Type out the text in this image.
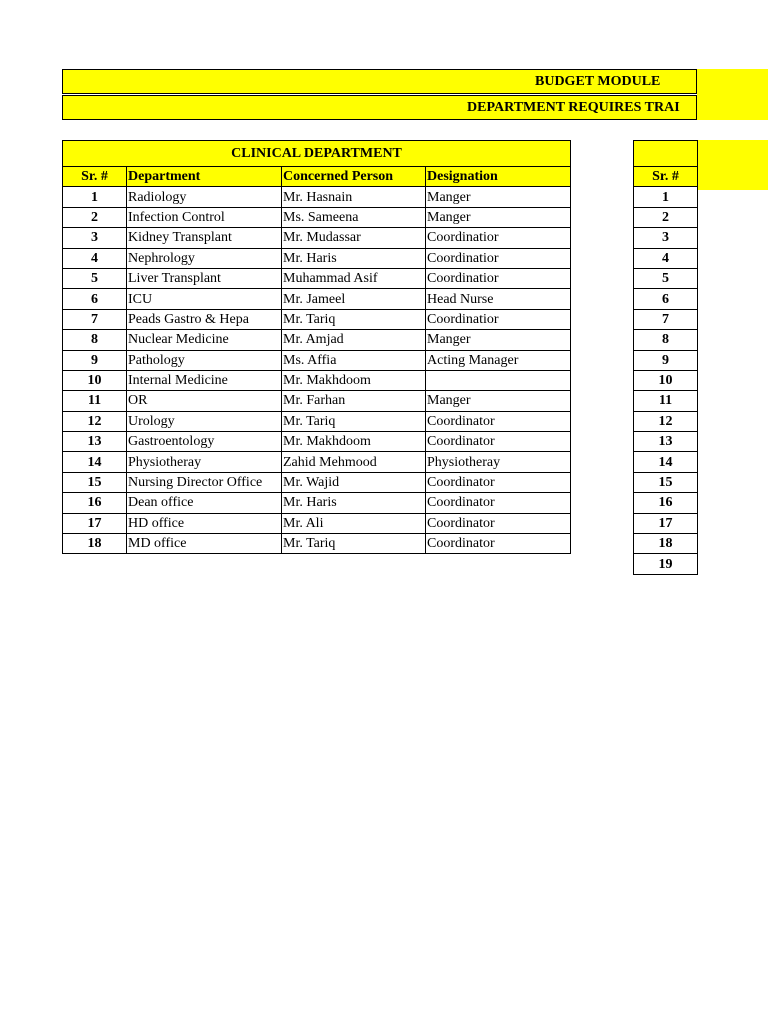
BUDGET MODULE
DEPARTMENT REQUIRES TRAI
CLINICAL DEPARTMENT			
Sr. #	Department	Concerned Person	Designation
1	Radiology	Mr. Hasnain	Manger
2	Infection Control	Ms. Sameena	Manger
3	Kidney Transplant	Mr. Mudassar	Coordinatior
4	Nephrology	Mr. Haris	Coordinatior
5	Liver Transplant	Muhammad Asif	Coordinatior
6	ICU	Mr. Jameel	Head Nurse
7	Peads Gastro & Hepa	Mr. Tariq	Coordinatior
8	Nuclear Medicine	Mr. Amjad	Manger
9	Pathology	Ms. Affia	Acting Manager
10	Internal Medicine	Mr. Makhdoom	
11	OR	Mr. Farhan	Manger
12	Urology	Mr. Tariq	Coordinator
13	Gastroentology	Mr. Makhdoom	Coordinator
14	Physiotheray	Zahid Mehmood	Physiotheray
15	Nursing Director Office	Mr. Wajid	Coordinator
16	Dean office	Mr. Haris	Coordinator
17	HD office	Mr. Ali	Coordinator
18	MD office	Mr. Tariq	Coordinator

Sr. #
1
2
3
4
5
6
7
8
9
10
11
12
13
14
15
16
17
18
19
